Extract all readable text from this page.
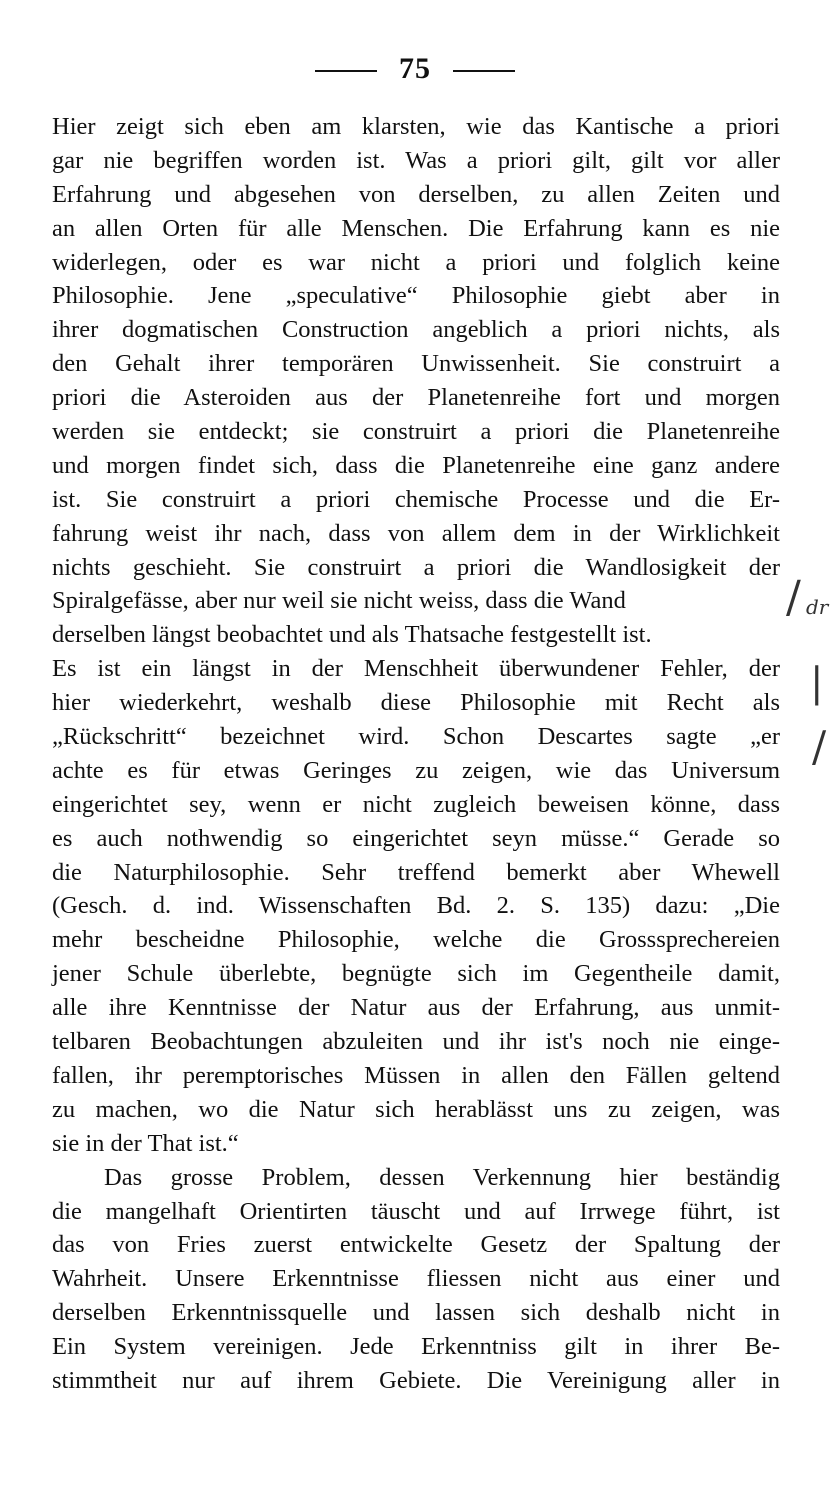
75
Hier zeigt sich eben am klarsten, wie das Kantische a priori
gar nie begriffen worden ist. Was a priori gilt, gilt vor aller
Erfahrung und abgesehen von derselben, zu allen Zeiten und
an allen Orten für alle Menschen. Die Erfahrung kann es nie
widerlegen, oder es war nicht a priori und folglich keine
Philosophie. Jene „speculative“ Philosophie giebt aber in
ihrer dogmatischen Construction angeblich a priori nichts, als
den Gehalt ihrer temporären Unwissenheit. Sie construirt a
priori die Asteroiden aus der Planetenreihe fort und morgen
werden sie entdeckt; sie construirt a priori die Planetenreihe
und morgen findet sich, dass die Planetenreihe eine ganz andere
ist. Sie construirt a priori chemische Processe und die Er-
fahrung weist ihr nach, dass von allem dem in der Wirklichkeit
nichts geschieht. Sie construirt a priori die Wandlosigkeit der
Spiralgefässe, aber nur weil sie nicht weiss, dass die Wand
derselben längst beobachtet und als Thatsache festgestellt ist.
Es ist ein längst in der Menschheit überwundener Fehler, der
hier wiederkehrt, weshalb diese Philosophie mit Recht als
„Rückschritt“ bezeichnet wird. Schon Descartes sagte „er
achte es für etwas Geringes zu zeigen, wie das Universum
eingerichtet sey, wenn er nicht zugleich beweisen könne, dass
es auch nothwendig so eingerichtet seyn müsse.“ Gerade so
die Naturphilosophie. Sehr treffend bemerkt aber Whewell
(Gesch. d. ind. Wissenschaften Bd. 2. S. 135) dazu: „Die
mehr bescheidne Philosophie, welche die Grosssprechereien
jener Schule überlebte, begnügte sich im Gegentheile damit,
alle ihre Kenntnisse der Natur aus der Erfahrung, aus unmit-
telbaren Beobachtungen abzuleiten und ihr ist's noch nie einge-
fallen, ihr peremptorisches Müssen in allen den Fällen geltend
zu machen, wo die Natur sich herablässt uns zu zeigen, was
sie in der That ist.“
Das grosse Problem, dessen Verkennung hier beständig
die mangelhaft Orientirten täuscht und auf Irrwege führt, ist
das von Fries zuerst entwickelte Gesetz der Spaltung der
Wahrheit. Unsere Erkenntnisse fliessen nicht aus einer und
derselben Erkenntnissquelle und lassen sich deshalb nicht in
Ein System vereinigen. Jede Erkenntniss gilt in ihrer Be-
stimmtheit nur auf ihrem Gebiete. Die Vereinigung aller in
/ dr
|
/
